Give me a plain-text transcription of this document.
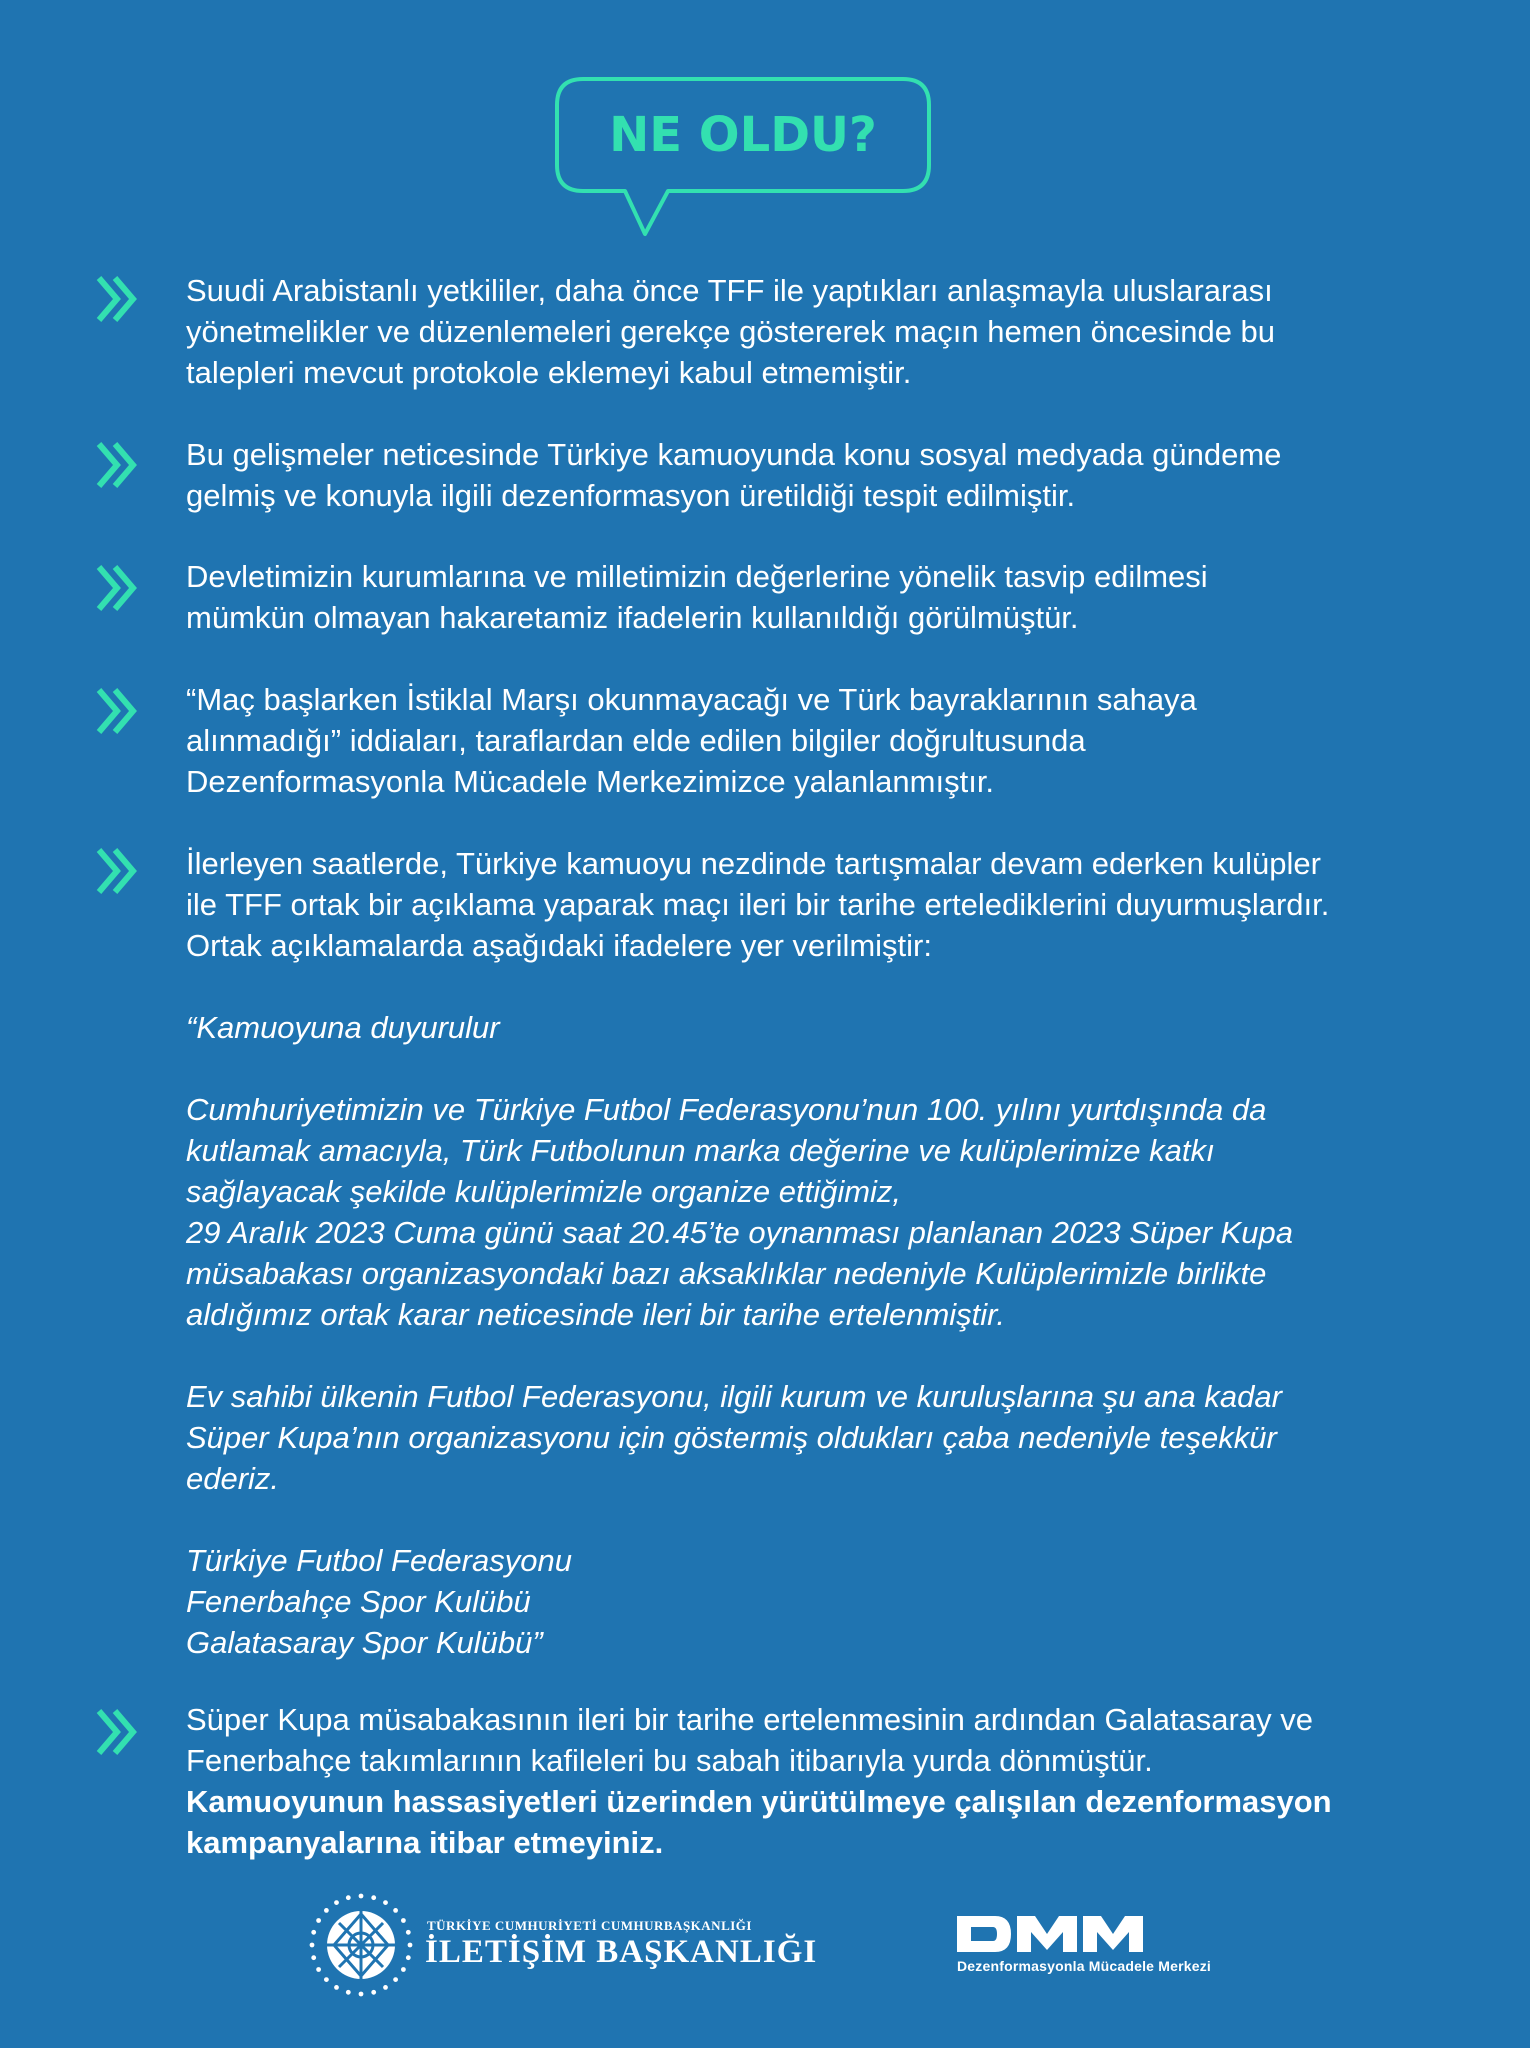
NE OLDU?

Suudi Arabistanlı yetkililer, daha önce TFF ile yaptıkları anlaşmayla uluslararası

yönetmelikler ve düzenlemeleri gerekçe göstererek maçın hemen öncesinde bu

talepleri mevcut protokole eklemeyi kabul etmemiştir.

Bu gelişmeler neticesinde Türkiye kamuoyunda konu sosyal medyada gündeme

gelmiş ve konuyla ilgili dezenformasyon üretildiği tespit edilmiştir.

Devletimizin kurumlarına ve milletimizin değerlerine yönelik tasvip edilmesi

mümkün olmayan hakaretamiz ifadelerin kullanıldığı görülmüştür.

“Maç başlarken İstiklal Marşı okunmayacağı ve Türk bayraklarının sahaya

alınmadığı” iddiaları, taraflardan elde edilen bilgiler doğrultusunda

Dezenformasyonla Mücadele Merkezimizce yalanlanmıştır.

İlerleyen saatlerde, Türkiye kamuoyu nezdinde tartışmalar devam ederken kulüpler

ile TFF ortak bir açıklama yaparak maçı ileri bir tarihe ertelediklerini duyurmuşlardır.

Ortak açıklamalarda aşağıdaki ifadelere yer verilmiştir:

“Kamuoyuna duyurulur

Cumhuriyetimizin ve Türkiye Futbol Federasyonu’nun 100. yılını yurtdışında da

kutlamak amacıyla, Türk Futbolunun marka değerine ve kulüplerimize katkı

sağlayacak şekilde kulüplerimizle organize ettiğimiz,

29 Aralık 2023 Cuma günü saat 20.45’te oynanması planlanan 2023 Süper Kupa

müsabakası organizasyondaki bazı aksaklıklar nedeniyle Kulüplerimizle birlikte

aldığımız ortak karar neticesinde ileri bir tarihe ertelenmiştir.

Ev sahibi ülkenin Futbol Federasyonu, ilgili kurum ve kuruluşlarına şu ana kadar

Süper Kupa’nın organizasyonu için göstermiş oldukları çaba nedeniyle teşekkür

ederiz.

Türkiye Futbol Federasyonu

Fenerbahçe Spor Kulübü

Galatasaray Spor Kulübü”

Süper Kupa müsabakasının ileri bir tarihe ertelenmesinin ardından Galatasaray ve

Fenerbahçe takımlarının kafileleri bu sabah itibarıyla yurda dönmüştür.

Kamuoyunun hassasiyetleri üzerinden yürütülmeye çalışılan dezenformasyon

kampanyalarına itibar etmeyiniz.

TÜRKİYE CUMHURİYETİ CUMHURBAŞKANLIĞI
İLETİŞİM BAŞKANLIĞI	Dezenformasyonla Mücadele Merkezi
